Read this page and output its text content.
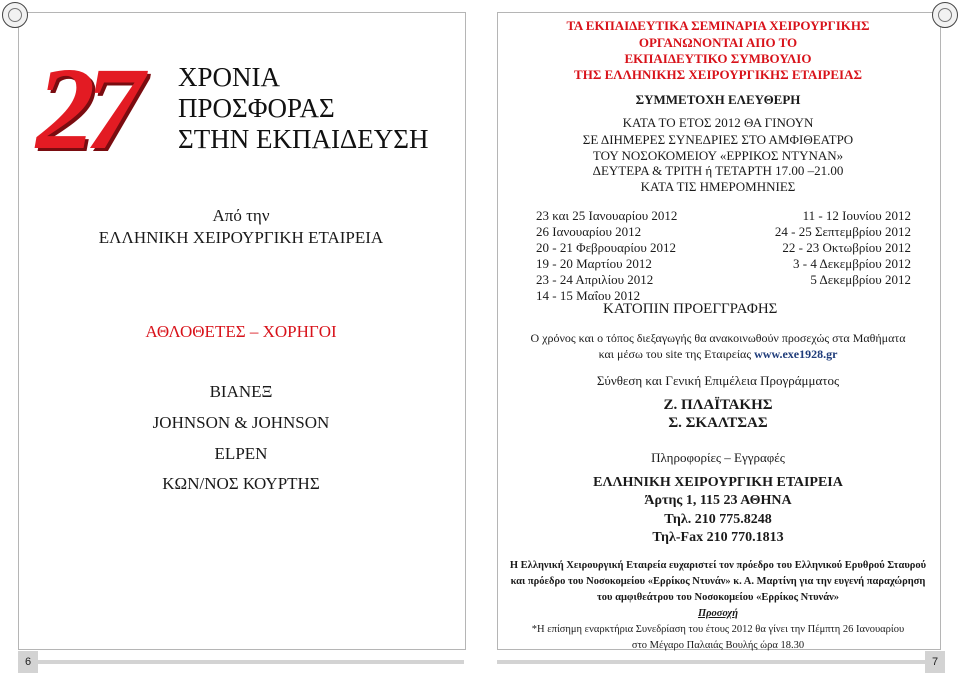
27 ΧΡΟΝΙΑ
ΠΡΟΣΦΟΡΑΣ
ΣΤΗΝ ΕΚΠΑΙΔΕΥΣΗ
Από την
ΕΛΛΗΝΙΚΗ ΧΕΙΡΟΥΡΓΙΚΗ ΕΤΑΙΡΕΙΑ
ΑΘΛΟΘΕΤΕΣ – ΧΟΡΗΓΟΙ
ΒΙΑΝΕΞ
JOHNSON & JOHNSON
ELPEN
ΚΩΝ/ΝΟΣ ΚΟΥΡΤΗΣ
ΤΑ ΕΚΠΑΙΔΕΥΤΙΚΑ ΣΕΜΙΝΑΡΙΑ ΧΕΙΡΟΥΡΓΙΚΗΣ
ΟΡΓΑΝΩΝΟΝΤΑΙ ΑΠΟ ΤΟ
ΕΚΠΑΙΔΕΥΤΙΚΟ ΣΥΜΒΟΥΛΙΟ
ΤΗΣ ΕΛΛΗΝΙΚΗΣ ΧΕΙΡΟΥΡΓΙΚΗΣ ΕΤΑΙΡΕΙΑΣ
ΣΥΜΜΕΤΟΧΗ ΕΛΕΥΘΕΡΗ
ΚΑΤΑ ΤΟ ΕΤΟΣ 2012 ΘΑ ΓΙΝΟΥΝ
ΣΕ ΔΙΗΜΕΡΕΣ ΣΥΝΕΔΡΙΕΣ ΣΤΟ ΑΜΦΙΘΕΑΤΡΟ
ΤΟΥ ΝΟΣΟΚΟΜΕΙΟΥ «ΕΡΡΙΚΟΣ ΝΤΥΝΑΝ»
ΔΕΥΤΕΡΑ & ΤΡΙΤΗ ή ΤΕΤΑΡΤΗ 17.00 –21.00
ΚΑΤΑ ΤΙΣ ΗΜΕΡΟΜΗΝΙΕΣ
23 και 25 Ιανουαρίου 2012
26 Ιανουαρίου 2012
20 - 21 Φεβρουαρίου 2012
19 - 20 Μαρτίου 2012
23 - 24 Απριλίου 2012
14 - 15 Μαΐου 2012
11 - 12 Ιουνίου 2012
24 - 25 Σεπτεμβρίου 2012
22 - 23 Οκτωβρίου 2012
3 - 4 Δεκεμβρίου 2012
5 Δεκεμβρίου 2012
ΚΑΤΟΠΙΝ ΠΡΟΕΓΓΡΑΦΗΣ
Ο χρόνος και ο τόπος διεξαγωγής θα ανακοινωθούν προσεχώς στα Μαθήματα
και μέσω του site της Εταιρείας www.exe1928.gr
Σύνθεση και Γενική Επιμέλεια Προγράμματος
Ζ. ΠΛΑΪΤΑΚΗΣ
Σ. ΣΚΑΛΤΣΑΣ
Πληροφορίες – Εγγραφές
ΕΛΛΗΝΙΚΗ ΧΕΙΡΟΥΡΓΙΚΗ ΕΤΑΙΡΕΙΑ
Άρτης 1, 115 23 ΑΘΗΝΑ
Τηλ. 210 775.8248
Τηλ-Fax 210 770.1813
Η Ελληνική Χειρουργική Εταιρεία ευχαριστεί τον πρόεδρο του Ελληνικού Ερυθρού Σταυρού
και πρόεδρο του Νοσοκομείου «Ερρίκος Ντυνάν» κ. Α. Μαρτίνη για την ευγενή παραχώρηση
του αμφιθεάτρου του Νοσοκομείου «Ερρίκος Ντυνάν»
Προσοχή
*Η επίσημη εναρκτήρια Συνεδρίαση του έτους 2012 θα γίνει την Πέμπτη 26 Ιανουαρίου
στο Μέγαρο Παλαιάς Βουλής ώρα 18.30
6	7
